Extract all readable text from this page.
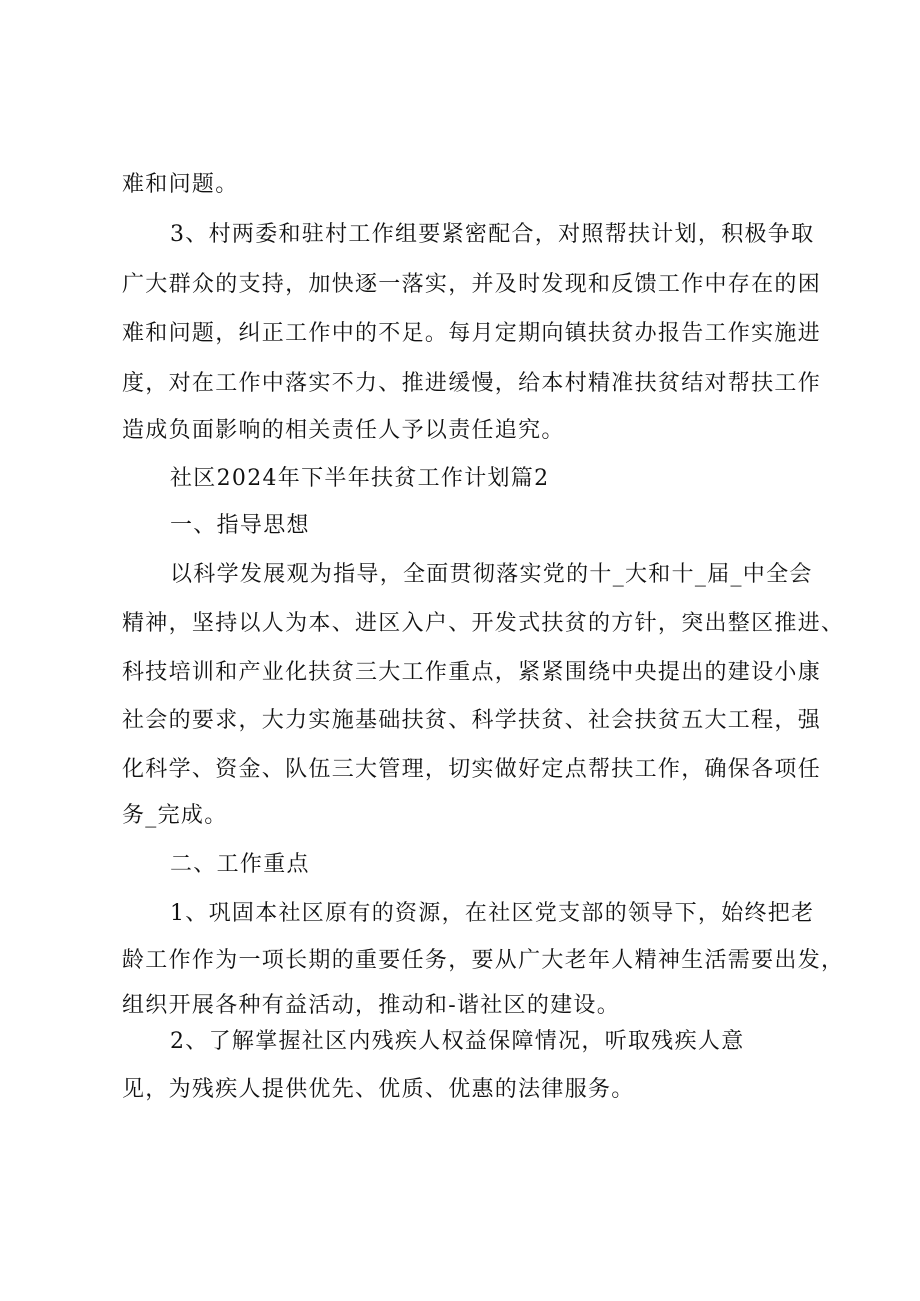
难和问题。
3、村两委和驻村工作组要紧密配合，对照帮扶计划，积极争取
广大群众的支持，加快逐一落实，并及时发现和反馈工作中存在的困
难和问题，纠正工作中的不足。每月定期向镇扶贫办报告工作实施进
度，对在工作中落实不力、推进缓慢，给本村精准扶贫结对帮扶工作
造成负面影响的相关责任人予以责任追究。
社区2024年下半年扶贫工作计划篇2
一、指导思想
以科学发展观为指导，全面贯彻落实党的十_大和十_届_中全会
精神，坚持以人为本、进区入户、开发式扶贫的方针，突出整区推进、
科技培训和产业化扶贫三大工作重点，紧紧围绕中央提出的建设小康
社会的要求，大力实施基础扶贫、科学扶贫、社会扶贫五大工程，强
化科学、资金、队伍三大管理，切实做好定点帮扶工作，确保各项任
务_完成。
二、工作重点
1、巩固本社区原有的资源，在社区党支部的领导下，始终把老
龄工作作为一项长期的重要任务，要从广大老年人精神生活需要出发，
组织开展各种有益活动，推动和-谐社区的建设。
2、了解掌握社区内残疾人权益保障情况，听取残疾人意
见，为残疾人提供优先、优质、优惠的法律服务。
